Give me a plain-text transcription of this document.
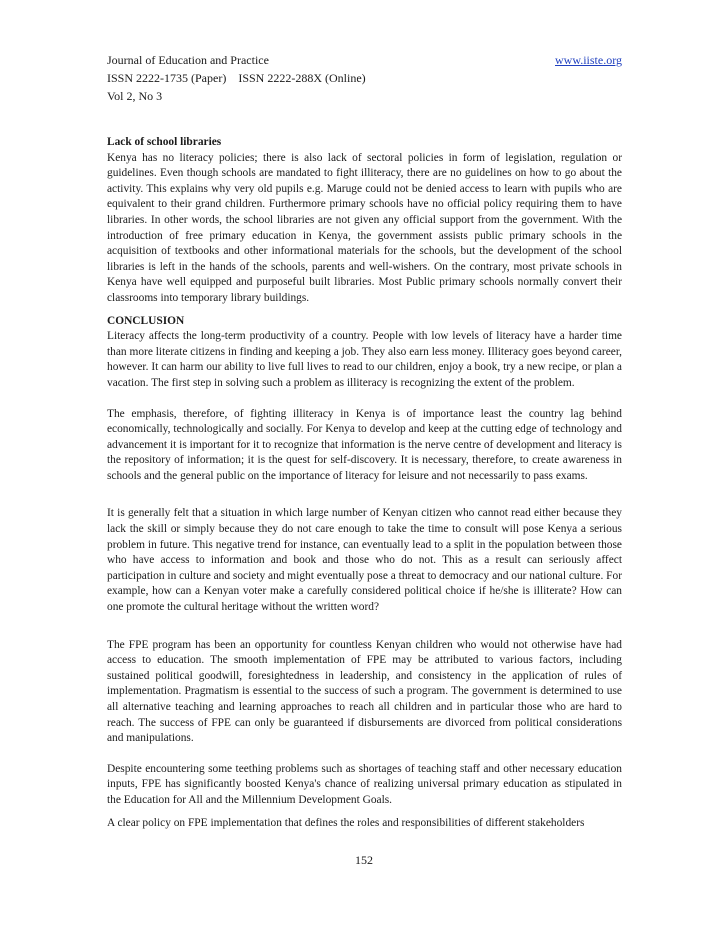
Journal of Education and Practice	www.iiste.org
ISSN 2222-1735 (Paper) ISSN 2222-288X (Online)
Vol 2, No 3
Lack of school libraries

Kenya has no literacy policies; there is also lack of sectoral policies in form of legislation, regulation or guidelines. Even though schools are mandated to fight illiteracy, there are no guidelines on how to go about the activity. This explains why very old pupils e.g. Maruge could not be denied access to learn with pupils who are equivalent to their grand children. Furthermore primary schools have no official policy requiring them to have libraries. In other words, the school libraries are not given any official support from the government. With the introduction of free primary education in Kenya, the government assists public primary schools in the acquisition of textbooks and other informational materials for the schools, but the development of the school libraries is left in the hands of the schools, parents and well-wishers. On the contrary, most private schools in Kenya have well equipped and purposeful built libraries. Most Public primary schools normally convert their classrooms into temporary library buildings.

CONCLUSION

Literacy affects the long-term productivity of a country. People with low levels of literacy have a harder time than more literate citizens in finding and keeping a job. They also earn less money. Illiteracy goes beyond career, however. It can harm our ability to live full lives to read to our children, enjoy a book, try a new recipe, or plan a vacation. The first step in solving such a problem as illiteracy is recognizing the extent of the problem.

The emphasis, therefore, of fighting illiteracy in Kenya is of importance least the country lag behind economically, technologically and socially. For Kenya to develop and keep at the cutting edge of technology and advancement it is important for it to recognize that information is the nerve centre of development and literacy is the repository of information; it is the quest for self-discovery. It is necessary, therefore, to create awareness in schools and the general public on the importance of literacy for leisure and not necessarily to pass exams.

It is generally felt that a situation in which large number of Kenyan citizen who cannot read either because they lack the skill or simply because they do not care enough to take the time to consult will pose Kenya a serious problem in future. This negative trend for instance, can eventually lead to a split in the population between those who have access to information and book and those who do not. This as a result can seriously affect participation in culture and society and might eventually pose a threat to democracy and our national culture. For example, how can a Kenyan voter make a carefully considered political choice if he/she is illiterate? How can one promote the cultural heritage without the written word?

The FPE program has been an opportunity for countless Kenyan children who would not otherwise have had access to education. The smooth implementation of FPE may be attributed to various factors, including sustained political goodwill, foresightedness in leadership, and consistency in the application of rules of implementation. Pragmatism is essential to the success of such a program. The government is determined to use all alternative teaching and learning approaches to reach all children and in particular those who are hard to reach. The success of FPE can only be guaranteed if disbursements are divorced from political considerations and manipulations.

Despite encountering some teething problems such as shortages of teaching staff and other necessary education inputs, FPE has significantly boosted Kenya's chance of realizing universal primary education as stipulated in the Education for All and the Millennium Development Goals.

A clear policy on FPE implementation that defines the roles and responsibilities of different stakeholders

152
